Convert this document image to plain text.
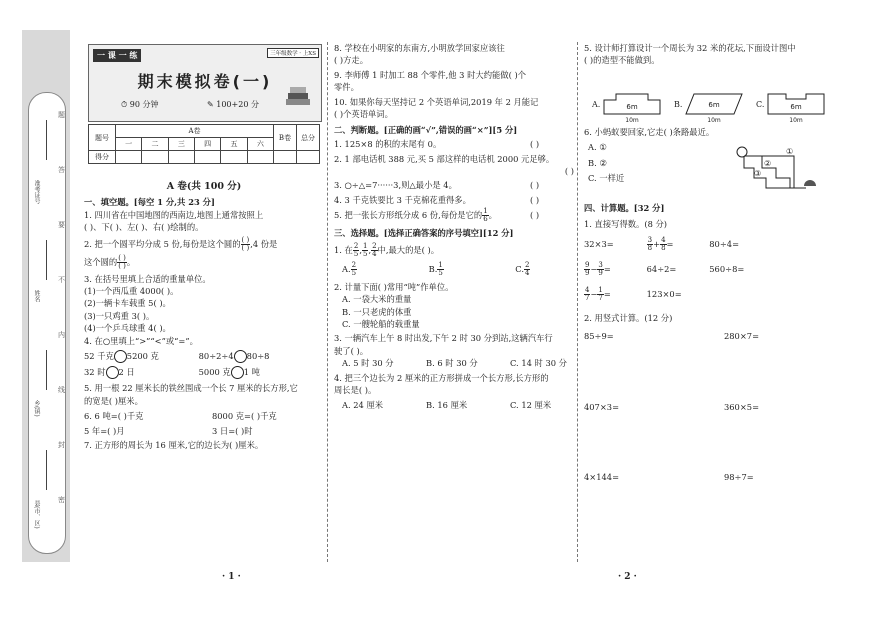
准考证号
姓名
乡(镇)
县(市、区)
题
答
要
不
内
线
封
密
一 课 一 练	三年级数学 · 上XS
期末模拟卷(一)
⏱ 90 分钟	✎ 100+20 分
题号	A卷						B卷	总分
	一	二	三	四	五	六		
得分								

A 卷(共 100 分)

一、填空题。[每空 1 分,共 23 分]

1. 四川省在中国地图的西南边,地图上通常按照上

( )、下( )、左( )、右( )绘制的。

2. 把一个圆平均分成 5 份,每份是这个圆的 $\frac{( )}{( )} ,4$ 份是

这个圆的 $\frac{( )}{( )}$ 。

3. 在括号里填上合适的重量单位。

(1)一个西瓜重 4000( )。

(2)一辆卡车载重 5( )。

(3)一只鸡重 3( )。

(4)一个乒乓球重 4( )。

4. 在○里填上“>”“<”或“=”。

52 千克 5200 克	80÷2÷4 80÷8

32 时 2 日	5000 克 1 吨

5. 用一根 22 厘米长的铁丝围成一个长 7 厘米的长方形,它

的宽是( )厘米。

6. 6 吨=( )千克	8000 克=( )千克

5 年=( )月	3 日=( )时

7. 正方形的周长为 16 厘米,它的边长为( )厘米。

· 1 ·

8. 学校在小明家的东南方,小明放学回家应该往

( )方走。

9. 李师傅 1 时加工 88 个零件,他 3 时大约能做( )个

零件。

10. 如果你每天坚持记 2 个英语单词,2019 年 2 月能记

( )个英语单词。

二、判断题。[正确的画“√”,错误的画“×”][5 分]

1. 125×8 的积的末尾有 0。	( )

2. 1 部电话机 388 元,买 5 部这样的电话机 2000 元足够。

( )

3. ○÷△=7······3,则△最小是 4。	( )

4. 3 千克铁要比 3 千克棉花重得多。	( )

5. 把一张长方形纸分成 6 份,每份是它的 $\frac{1}{6}$ 。	( )

三、选择题。[选择正确答案的序号填空][12 分]

1. 在 $\frac{2}{5}$ , $\frac{1}{5}$ , $\frac{2}{4}$ 中,最大的是( )。

A. $\frac{2}{5}$	B. $\frac{1}{5}$	C. $\frac{2}{4}$

2. 计量下面( )常用“吨”作单位。

A. 一袋大米的重量

B. 一只老虎的体重

C. 一艘轮船的载重量

3. 一辆汽车上午 8 时出发,下午 2 时 30 分到站,这辆汽车行

驶了( )。

A. 5 时 30 分	B. 6 时 30 分	C. 14 时 30 分

4. 把三个边长为 2 厘米的正方形拼成一个长方形,长方形的

周长是( )。

A. 24 厘米	B. 16 厘米	C. 12 厘米

5. 设计师打算设计一个周长为 32 米的花坛,下面设计图中

( )的造型不能做到。

A.	6m
10m
B.	6m
10m
C.	6m
10m

6. 小蚂蚁要回家,它走( )条路最近。

A. ①

B. ②

C. 一样近

①
②
③

四、计算题。[32 分]

1. 直接写得数。(8 分)

32×3=	$\frac{3}{8} + \frac{4}{8}$ =	80÷4=

$\frac{9}{9} - \frac{3}{9}$ =	64÷2=	560÷8=

$\frac{4}{7} - \frac{1}{7}$ =	123×0=

2. 用竖式计算。(12 分)

85÷9=	280×7=

407×3=	360×5=

4×144=	98÷7=

· 2 ·
